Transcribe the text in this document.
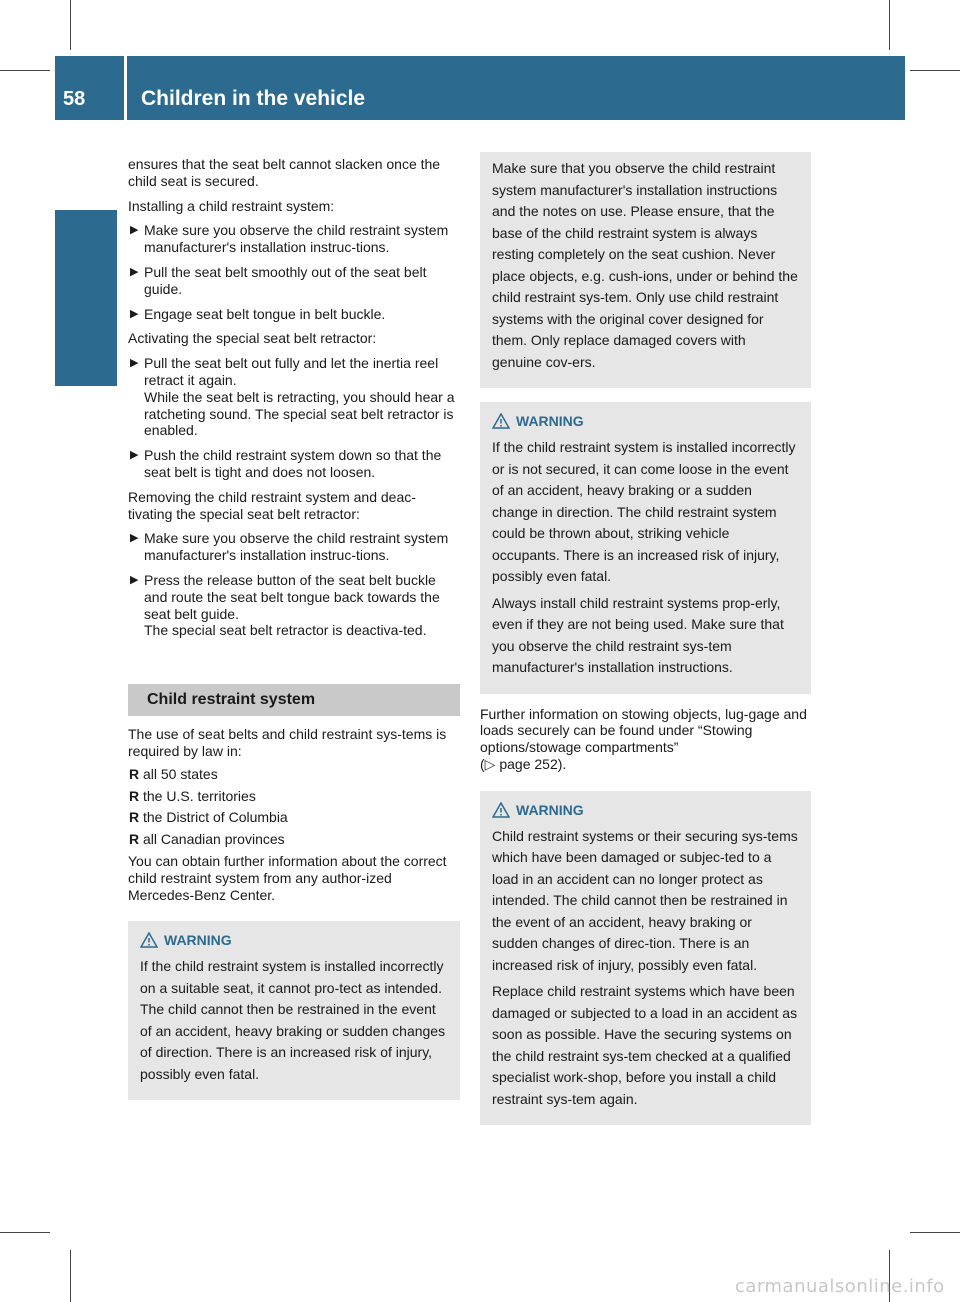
58	Children in the vehicle
Safety

ensures that the seat belt cannot slacken once the child seat is secured.

Installing a child restraint system:

▶ Make sure you observe the child restraint system manufacturer's installation instruc-tions.
▶ Pull the seat belt smoothly out of the seat belt guide.
▶ Engage seat belt tongue in belt buckle.

Activating the special seat belt retractor:

▶ Pull the seat belt out fully and let the inertia reel retract it again.
While the seat belt is retracting, you should hear a ratcheting sound. The special seat belt retractor is enabled.
▶ Push the child restraint system down so that the seat belt is tight and does not loosen.

Removing the child restraint system and deac-tivating the special seat belt retractor:

▶ Make sure you observe the child restraint system manufacturer's installation instruc-tions.
▶ Press the release button of the seat belt buckle and route the seat belt tongue back towards the seat belt guide.
The special seat belt retractor is deactiva-ted.
Child restraint system

The use of seat belts and child restraint sys-tems is required by law in:

R all 50 states
R the U.S. territories
R the District of Columbia
R all Canadian provinces

You can obtain further information about the correct child restraint system from any author-ized Mercedes-Benz Center.

WARNING

If the child restraint system is installed incorrectly on a suitable seat, it cannot pro-tect as intended. The child cannot then be restrained in the event of an accident, heavy braking or sudden changes of direction. There is an increased risk of injury, possibly even fatal.

Make sure that you observe the child restraint system manufacturer's installation instructions and the notes on use. Please ensure, that the base of the child restraint system is always resting completely on the seat cushion. Never place objects, e.g. cush-ions, under or behind the child restraint sys-tem. Only use child restraint systems with the original cover designed for them. Only replace damaged covers with genuine cov-ers.

WARNING

If the child restraint system is installed incorrectly or is not secured, it can come loose in the event of an accident, heavy braking or a sudden change in direction. The child restraint system could be thrown about, striking vehicle occupants. There is an increased risk of injury, possibly even fatal.

Always install child restraint systems prop-erly, even if they are not being used. Make sure that you observe the child restraint sys-tem manufacturer's installation instructions.

Further information on stowing objects, lug-gage and loads securely can be found under “Stowing options/stowage compartments”
(▷ page 252).

WARNING

Child restraint systems or their securing sys-tems which have been damaged or subjec-ted to a load in an accident can no longer protect as intended. The child cannot then be restrained in the event of an accident, heavy braking or sudden changes of direc-tion. There is an increased risk of injury, possibly even fatal.

Replace child restraint systems which have been damaged or subjected to a load in an accident as soon as possible. Have the securing systems on the child restraint sys-tem checked at a qualified specialist work-shop, before you install a child restraint sys-tem again.

carmanualsonline.info
